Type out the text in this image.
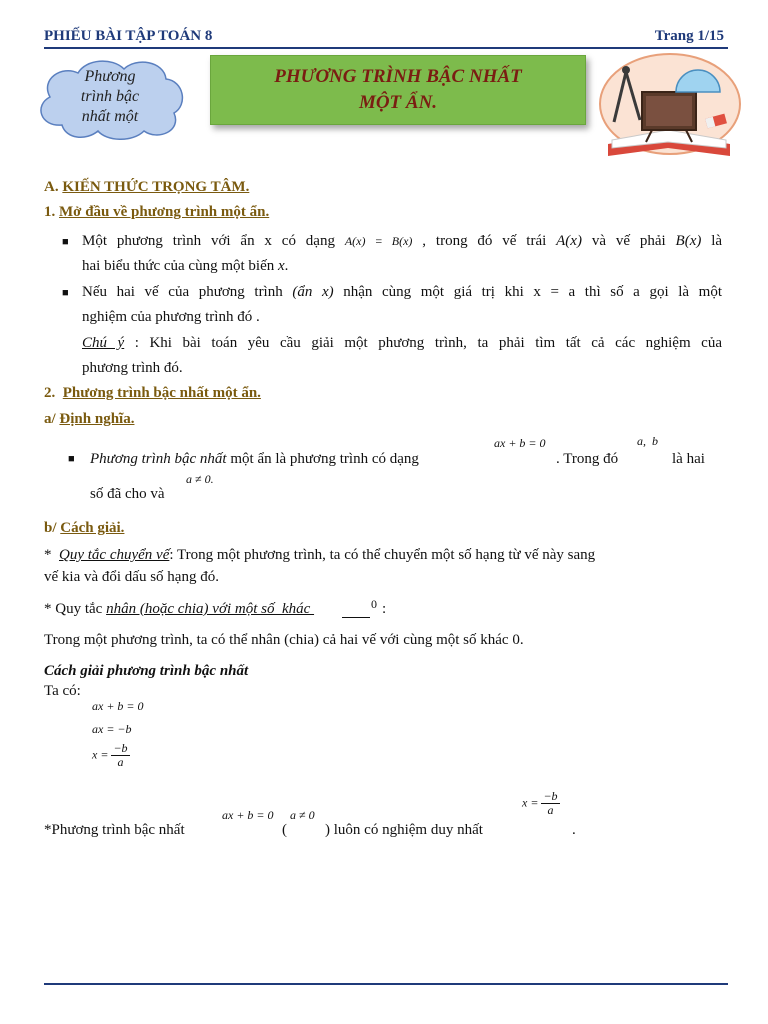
PHIẾU BÀI TẬP TOÁN 8	Trang 1/15
Phương
trình bậc
nhất một
PHƯƠNG TRÌNH BẬC NHẤT
MỘT ẨN.
A. KIẾN THỨC TRỌNG TÂM.
1. Mở đầu về phương trình một ẩn.
■ Một phương trình với ẩn x có dạng A(x) = B(x) , trong đó vế trái A(x) và vế phải B(x) là
hai biểu thức của cùng một biến x.
■ Nếu hai vế của phương trình (ẩn x) nhận cùng một giá trị khi x = a thì số a gọi là một
nghiệm của phương trình đó .
Chú ý : Khi bài toán yêu cầu giải một phương trình, ta phải tìm tất cả các nghiệm của
phương trình đó.
2.  Phương trình bậc nhất một ẩn.
a/ Định nghĩa.
■ Phương trình bậc nhất một ẩn là phương trình có dạng
ax + b = 0
. Trong đó
a,  b
là hai
số đã cho và
a ≠ 0.
b/ Cách giải.
*  Quy tắc chuyển vế: Trong một phương trình, ta có thể chuyển một số hạng từ vế này sang
vế kia và đổi dấu số hạng đó.
* Quy tắc nhân (hoặc chia) với một số  khác	0 :
Trong một phương trình, ta có thể nhân (chia) cả hai vế với cùng một số khác 0.
Cách giải phương trình bậc nhất
Ta có:
ax + b = 0
ax = −b
$x = \frac{-b}{a}$
*Phương trình bậc nhất
ax + b = 0
(
a ≠ 0
) luôn có nghiệm duy nhất
$x = \frac{-b}{a}$
.
